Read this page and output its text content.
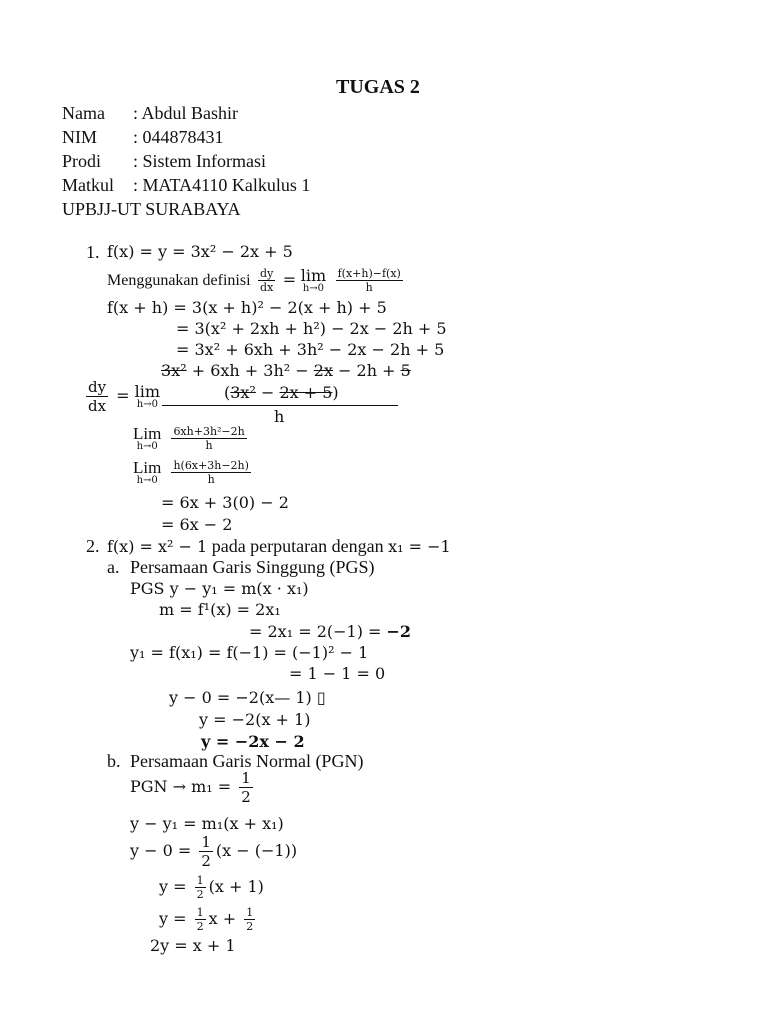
TUGAS 2
Nama : Abdul Bashir
NIM : 044878431
Prodi : Sistem Informasi
Matkul : MATA4110 Kalkulus 1
UPBJJ-UT SURABAYA
1. f(x) = y = 3x² − 2x + 5
Menggunakan definisi $\frac{dy}{dx} = \lim$
h→0
$\frac{f(x+h)-f(x)}{h}$
f(x + h) = 3(x + h)² − 2(x + h) + 5
= 3(x² + 2xh + h²) − 2x − 2h + 5
= 3x² + 6xh + 3h² − 2x − 2h + 5
3x² + 6xh + 3h² − 2x − 2h + 5
$\frac{dy}{dx} = \lim$
h→0
(3x² − 2x + 5)
h
Lim
h→0
	$\frac{\text{6xh+3h²−2h}}{h}$
Lim
h→0
	$\frac{h(6x+3h-2h)}{h}$
= 6x + 3(0) − 2
= 6x − 2
2. f(x) = x² − 1 pada perputaran dengan x₁ = −1
a. Persamaan Garis Singgung (PGS)
PGS y − y₁ = m(x · x₁)
m = f¹(x) = 2x₁
= 2x₁ = 2(−1) = −2
y₁ = f(x₁) = f(−1) = (−1)² − 1
= 1 − 1 = 0
y − 0 = −2(x— 1) ▯
y = −2(x + 1)
y = −2x − 2
b. Persamaan Garis Normal (PGN)
PGN → $m_1 = \frac{1}{2}$
y − y₁ = m₁(x + x₁)
$y - 0 = \frac{1}{2} (x - (-1))$
$y = \frac{1}{2} (x + 1)$
$y = \frac{1}{2}$ $x + \frac{1}{2}$
2y = x + 1
